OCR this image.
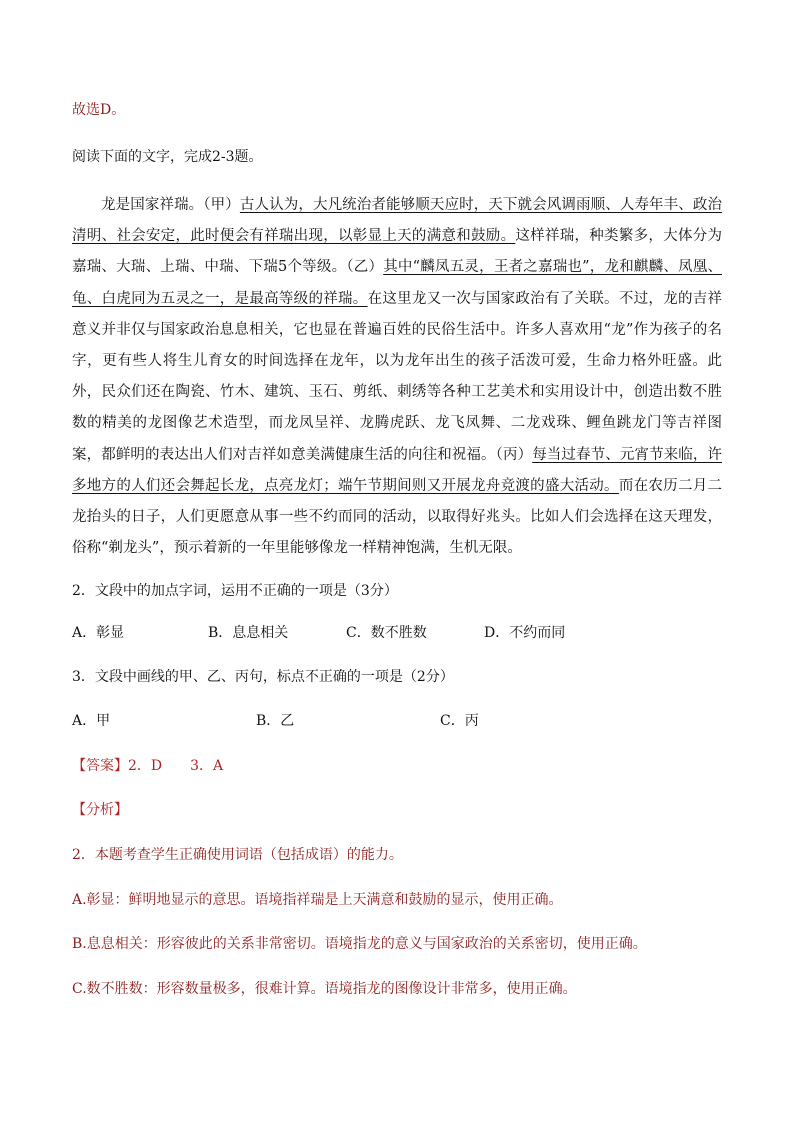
故选D。
阅读下面的文字，完成2-3题。

龙是国家祥瑞。（甲）古人认为，大凡统治者能够顺天应时，天下就会风调雨顺、人寿年丰、政治清明、社会安定，此时便会有祥瑞出现，以彰显上天的满意和鼓励。这样祥瑞，种类繁多，大体分为嘉瑞、大瑞、上瑞、中瑞、下瑞5个等级。（乙）其中“麟凤五灵，王者之嘉瑞也”，龙和麒麟、凤凰、龟、白虎同为五灵之一，是最高等级的祥瑞。在这里龙又一次与国家政治有了关联。不过，龙的吉祥意义并非仅与国家政治息息相关，它也显在普遍百姓的民俗生活中。许多人喜欢用“龙”作为孩子的名字，更有些人将生儿育女的时间选择在龙年，以为龙年出生的孩子活泼可爱，生命力格外旺盛。此外，民众们还在陶瓷、竹木、建筑、玉石、剪纸、刺绣等各种工艺美术和实用设计中，创造出数不胜数的精美的龙图像艺术造型，而龙凤呈祥、龙腾虎跃、龙飞凤舞、二龙戏珠、鲤鱼跳龙门等吉祥图案，都鲜明的表达出人们对吉祥如意美满健康生活的向往和祝福。（丙）每当过春节、元宵节来临，许多地方的人们还会舞起长龙，点亮龙灯；端午节期间则又开展龙舟竞渡的盛大活动。而在农历二月二龙抬头的日子，人们更愿意从事一些不约而同的活动，以取得好兆头。比如人们会选择在这天理发，俗称“剃龙头”，预示着新的一年里能够像龙一样精神饱满，生机无限。

2．文段中的加点字词，运用不正确的一项是（3分）
A．彰显	B．息息相关	C．数不胜数	D．不约而同
3．文段中画线的甲、乙、丙句，标点不正确的一项是（2分）
A．甲	B．乙	C．丙
【答案】2．D　　3．A
【分析】
2．本题考查学生正确使用词语（包括成语）的能力。
A.彰显：鲜明地显示的意思。语境指祥瑞是上天满意和鼓励的显示，使用正确。
B.息息相关：形容彼此的关系非常密切。语境指龙的意义与国家政治的关系密切，使用正确。
C.数不胜数：形容数量极多，很难计算。语境指龙的图像设计非常多，使用正确。
